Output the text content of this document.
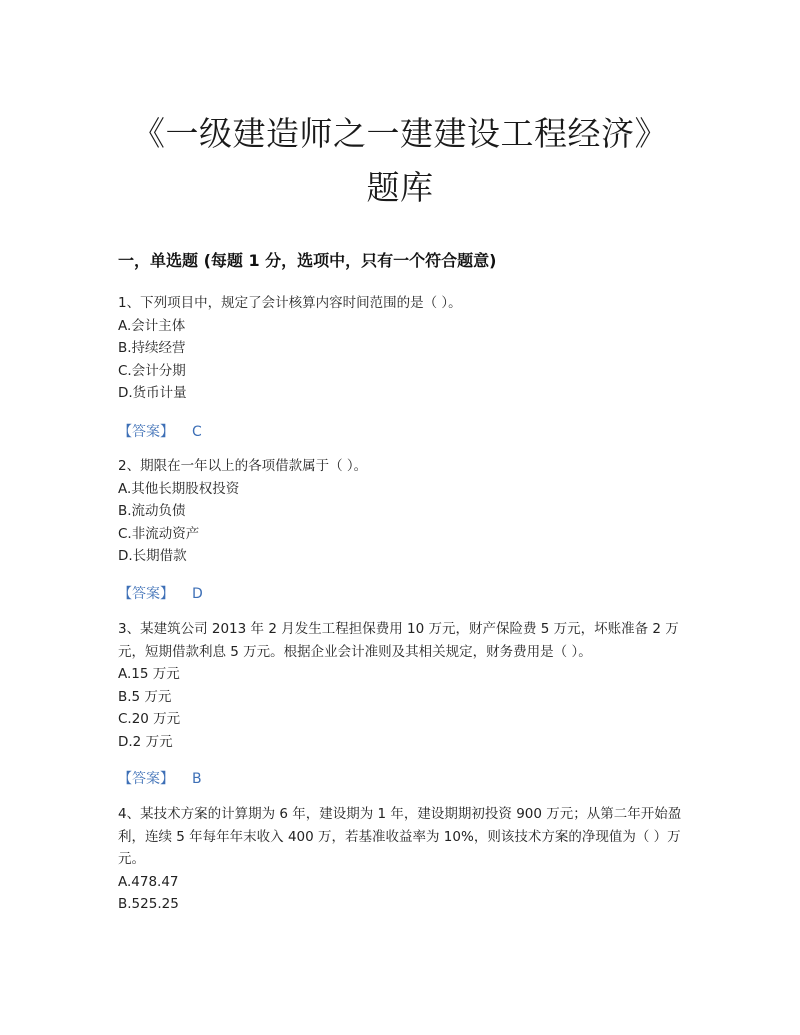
《一级建造师之一建建设工程经济》
题库
一，单选题 (每题 1 分，选项中，只有一个符合题意)

1、下列项目中，规定了会计核算内容时间范围的是（ ）。

A.会计主体

B.持续经营

C.会计分期

D.货币计量

【答案】 C

2、期限在一年以上的各项借款属于（ ）。

A.其他长期股权投资

B.流动负债

C.非流动资产

D.长期借款

【答案】 D

3、某建筑公司 2013 年 2 月发生工程担保费用 10 万元，财产保险费 5 万元，坏账准备 2 万元，短期借款利息 5 万元。根据企业会计准则及其相关规定，财务费用是（ ）。

A.15 万元

B.5 万元

C.20 万元

D.2 万元

【答案】 B

4、某技术方案的计算期为 6 年，建设期为 1 年，建设期期初投资 900 万元；从第二年开始盈利，连续 5 年每年年末收入 400 万，若基准收益率为 10%，则该技术方案的净现值为（ ）万元。

A.478.47

B.525.25
